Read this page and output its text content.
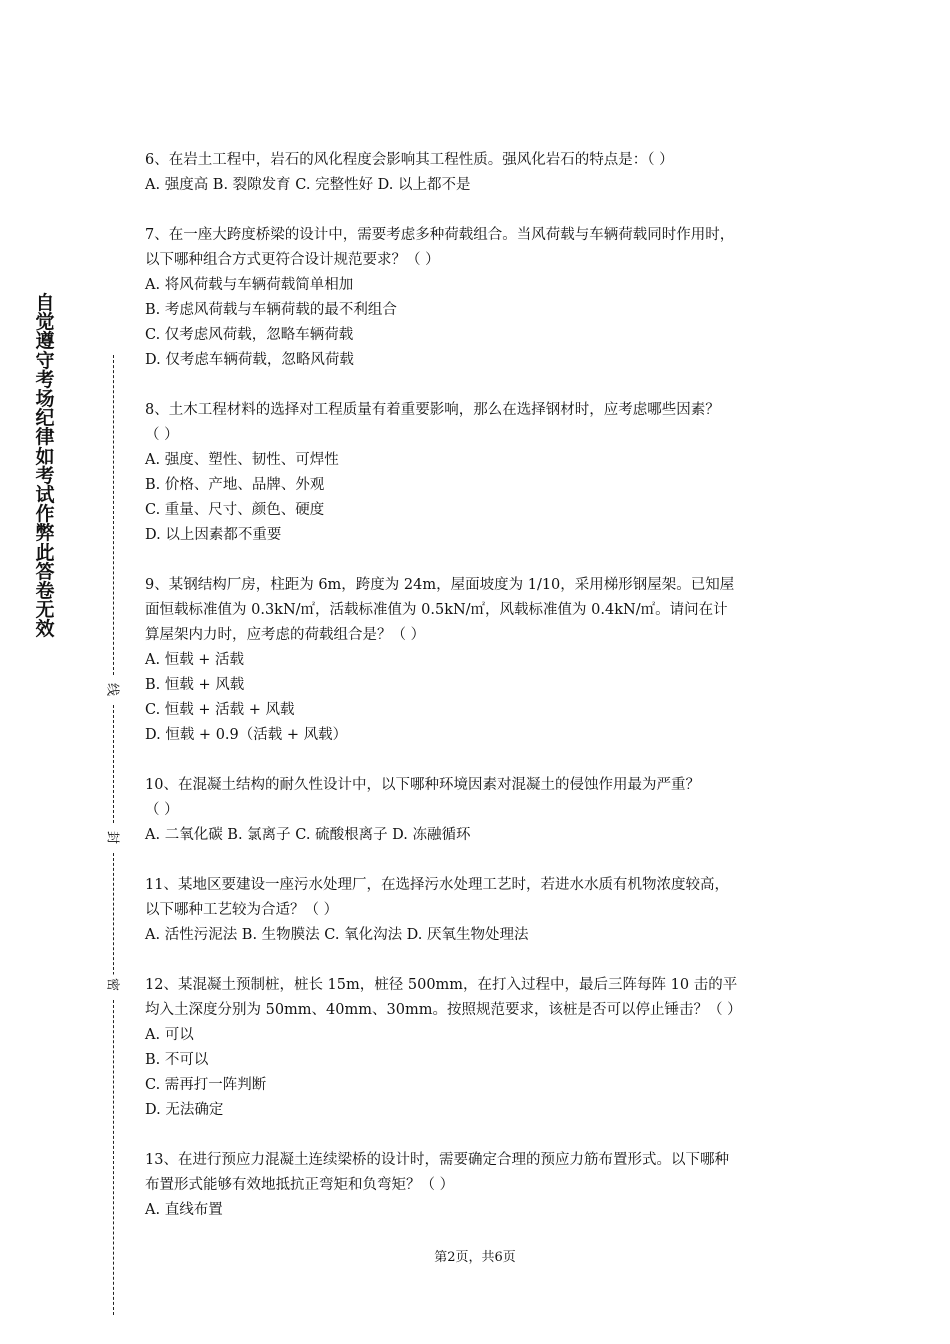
自觉遵守考场纪律如考试作弊此答卷无效
线
封
密
6、在岩土工程中，岩石的风化程度会影响其工程性质。强风化岩石的特点是：（ ）
A. 强度高 B. 裂隙发育 C. 完整性好 D. 以上都不是
7、在一座大跨度桥梁的设计中，需要考虑多种荷载组合。当风荷载与车辆荷载同时作用时，
以下哪种组合方式更符合设计规范要求？（ ）
A. 将风荷载与车辆荷载简单相加
B. 考虑风荷载与车辆荷载的最不利组合
C. 仅考虑风荷载，忽略车辆荷载
D. 仅考虑车辆荷载，忽略风荷载
8、土木工程材料的选择对工程质量有着重要影响，那么在选择钢材时，应考虑哪些因素？
（ ）
A. 强度、塑性、韧性、可焊性
B. 价格、产地、品牌、外观
C. 重量、尺寸、颜色、硬度
D. 以上因素都不重要
9、某钢结构厂房，柱距为 6m，跨度为 24m，屋面坡度为 1/10，采用梯形钢屋架。已知屋
面恒载标准值为 0.3kN/㎡，活载标准值为 0.5kN/㎡，风载标准值为 0.4kN/㎡。请问在计
算屋架内力时，应考虑的荷载组合是？（ ）
A. 恒载 + 活载
B. 恒载 + 风载
C. 恒载 + 活载 + 风载
D. 恒载 + 0.9（活载 + 风载）
10、在混凝土结构的耐久性设计中，以下哪种环境因素对混凝土的侵蚀作用最为严重？
（ ）
A. 二氧化碳 B. 氯离子 C. 硫酸根离子 D. 冻融循环
11、某地区要建设一座污水处理厂，在选择污水处理工艺时，若进水水质有机物浓度较高，
以下哪种工艺较为合适？（ ）
A. 活性污泥法 B. 生物膜法 C. 氧化沟法 D. 厌氧生物处理法
12、某混凝土预制桩，桩长 15m，桩径 500mm，在打入过程中，最后三阵每阵 10 击的平
均入土深度分别为 50mm、40mm、30mm。按照规范要求，该桩是否可以停止锤击？（ ）
A. 可以
B. 不可以
C. 需再打一阵判断
D. 无法确定
13、在进行预应力混凝土连续梁桥的设计时，需要确定合理的预应力筋布置形式。以下哪种
布置形式能够有效地抵抗正弯矩和负弯矩？（ ）
A. 直线布置
第2页，共6页
